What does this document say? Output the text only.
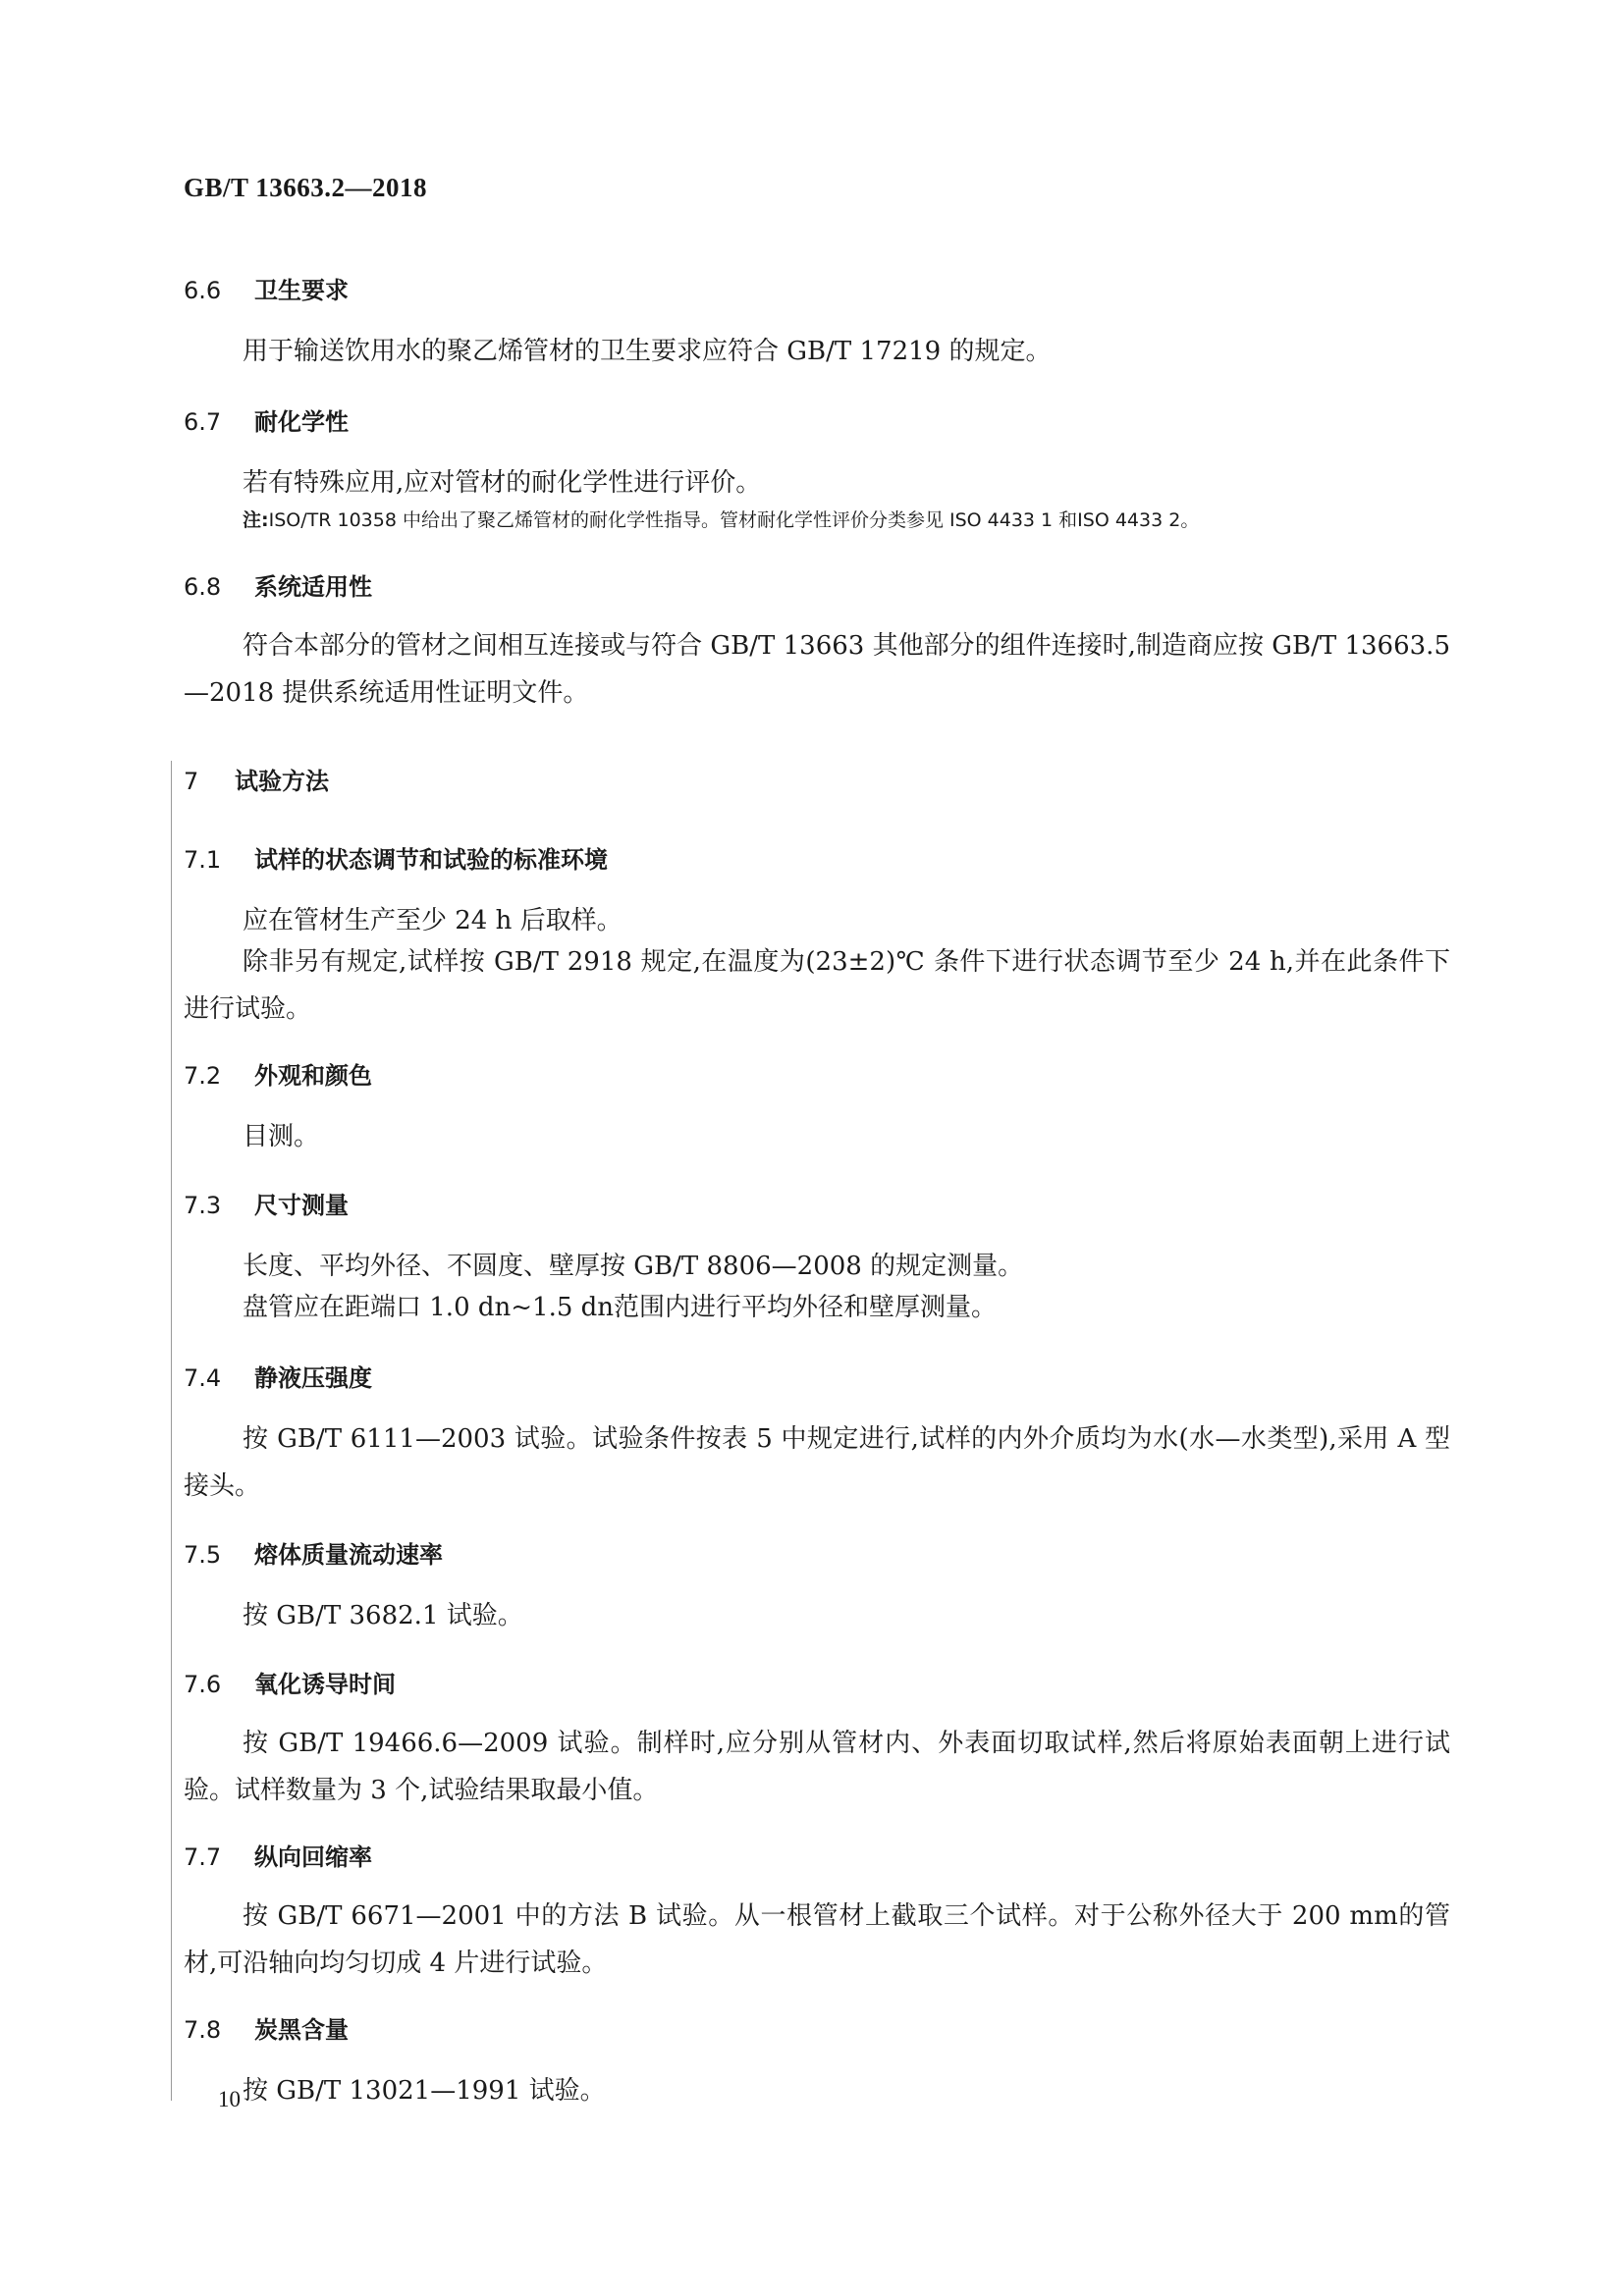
GB/T 13663.2—2018
6.6 卫生要求
用于输送饮用水的聚乙烯管材的卫生要求应符合 GB/T 17219 的规定。
6.7 耐化学性
若有特殊应用,应对管材的耐化学性进行评价。
注:ISO/TR 10358 中给出了聚乙烯管材的耐化学性指导。管材耐化学性评价分类参见 ISO 4433 1 和ISO 4433 2。
6.8 系统适用性
符合本部分的管材之间相互连接或与符合 GB/T 13663 其他部分的组件连接时,制造商应按 GB/T 13663.5—2018 提供系统适用性证明文件。
7 试验方法
7.1 试样的状态调节和试验的标准环境
应在管材生产至少 24 h 后取样。
除非另有规定,试样按 GB/T 2918 规定,在温度为(23±2)℃ 条件下进行状态调节至少 24 h,并在此条件下进行试验。
7.2 外观和颜色
目测。
7.3 尺寸测量
长度、平均外径、不圆度、壁厚按 GB/T 8806—2008 的规定测量。
盘管应在距端口 1.0 dn~1.5 dn范围内进行平均外径和壁厚测量。
7.4 静液压强度
按 GB/T 6111—2003 试验。试验条件按表 5 中规定进行,试样的内外介质均为水(水—水类型),采用 A 型接头。
7.5 熔体质量流动速率
按 GB/T 3682.1 试验。
7.6 氧化诱导时间
按 GB/T 19466.6—2009 试验。制样时,应分别从管材内、外表面切取试样,然后将原始表面朝上进行试验。试样数量为 3 个,试验结果取最小值。
7.7 纵向回缩率
按 GB/T 6671—2001 中的方法 B 试验。从一根管材上截取三个试样。对于公称外径大于 200 mm的管材,可沿轴向均匀切成 4 片进行试验。
7.8 炭黑含量
按 GB/T 13021—1991 试验。
10
